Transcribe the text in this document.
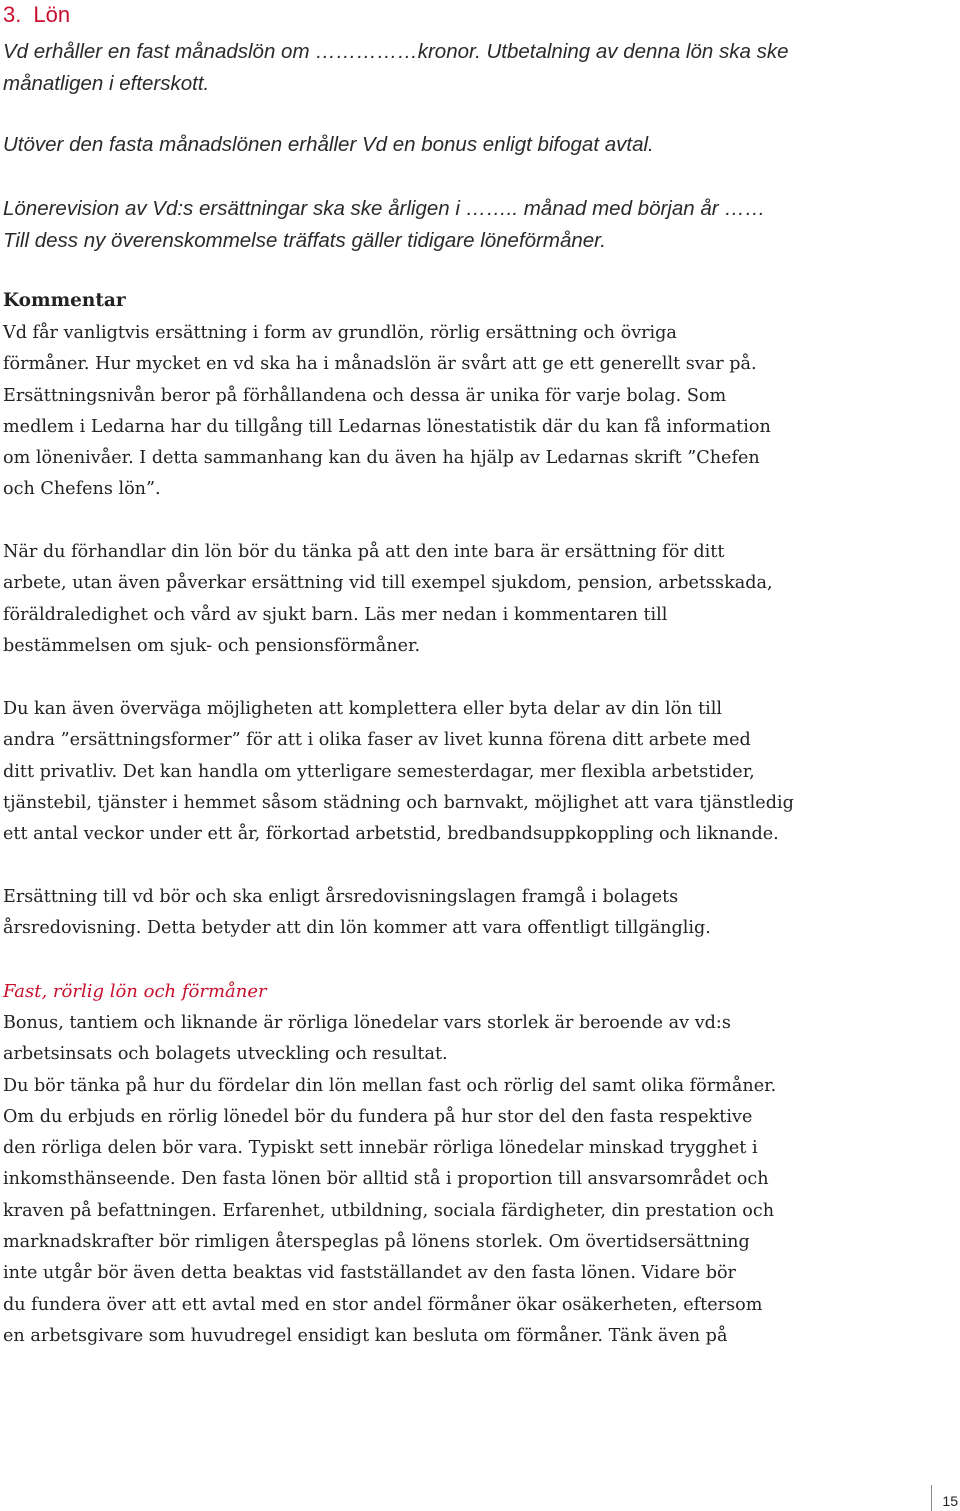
3. Lön
Vd erhåller en fast månadslön om ……………kronor. Utbetalning av denna lön ska ske
månatligen i efterskott.
Utöver den fasta månadslönen erhåller Vd en bonus enligt bifogat avtal.
Lönerevision av Vd:s ersättningar ska ske årligen i …….. månad med början år ……
Till dess ny överenskommelse träffats gäller tidigare löneförmåner.
Kommentar
Vd får vanligtvis ersättning i form av grundlön, rörlig ersättning och övriga
förmåner. Hur mycket en vd ska ha i månadslön är svårt att ge ett generellt svar på.
Ersättningsnivån beror på förhållandena och dessa är unika för varje bolag. Som
medlem i Ledarna har du tillgång till Ledarnas lönestatistik där du kan få information
om lönenivåer. I detta sammanhang kan du även ha hjälp av Ledarnas skrift ”Chefen
och Chefens lön”.
När du förhandlar din lön bör du tänka på att den inte bara är ersättning för ditt
arbete, utan även påverkar ersättning vid till exempel sjukdom, pension, arbetsskada,
föräldraledighet och vård av sjukt barn. Läs mer nedan i kommentaren till
bestämmelsen om sjuk- och pensionsförmåner.
Du kan även överväga möjligheten att komplettera eller byta delar av din lön till
andra ”ersättningsformer” för att i olika faser av livet kunna förena ditt arbete med
ditt privatliv. Det kan handla om ytterligare semesterdagar, mer flexibla arbetstider,
tjänstebil, tjänster i hemmet såsom städning och barnvakt, möjlighet att vara tjänstledig
ett antal veckor under ett år, förkortad arbetstid, bredbandsuppkoppling och liknande.
Ersättning till vd bör och ska enligt årsredovisningslagen framgå i bolagets
årsredovisning. Detta betyder att din lön kommer att vara offentligt tillgänglig.
Fast, rörlig lön och förmåner
Bonus, tantiem och liknande är rörliga lönedelar vars storlek är beroende av vd:s
arbetsinsats och bolagets utveckling och resultat.
Du bör tänka på hur du fördelar din lön mellan fast och rörlig del samt olika förmåner.
Om du erbjuds en rörlig lönedel bör du fundera på hur stor del den fasta respektive
den rörliga delen bör vara. Typiskt sett innebär rörliga lönedelar minskad trygghet i
inkomsthänseende. Den fasta lönen bör alltid stå i proportion till ansvarsområdet och
kraven på befattningen. Erfarenhet, utbildning, sociala färdigheter, din prestation och
marknadskrafter bör rimligen återspeglas på lönens storlek. Om övertidsersättning
inte utgår bör även detta beaktas vid fastställandet av den fasta lönen. Vidare bör
du fundera över att ett avtal med en stor andel förmåner ökar osäkerheten, eftersom
en arbetsgivare som huvudregel ensidigt kan besluta om förmåner. Tänk även på
15
